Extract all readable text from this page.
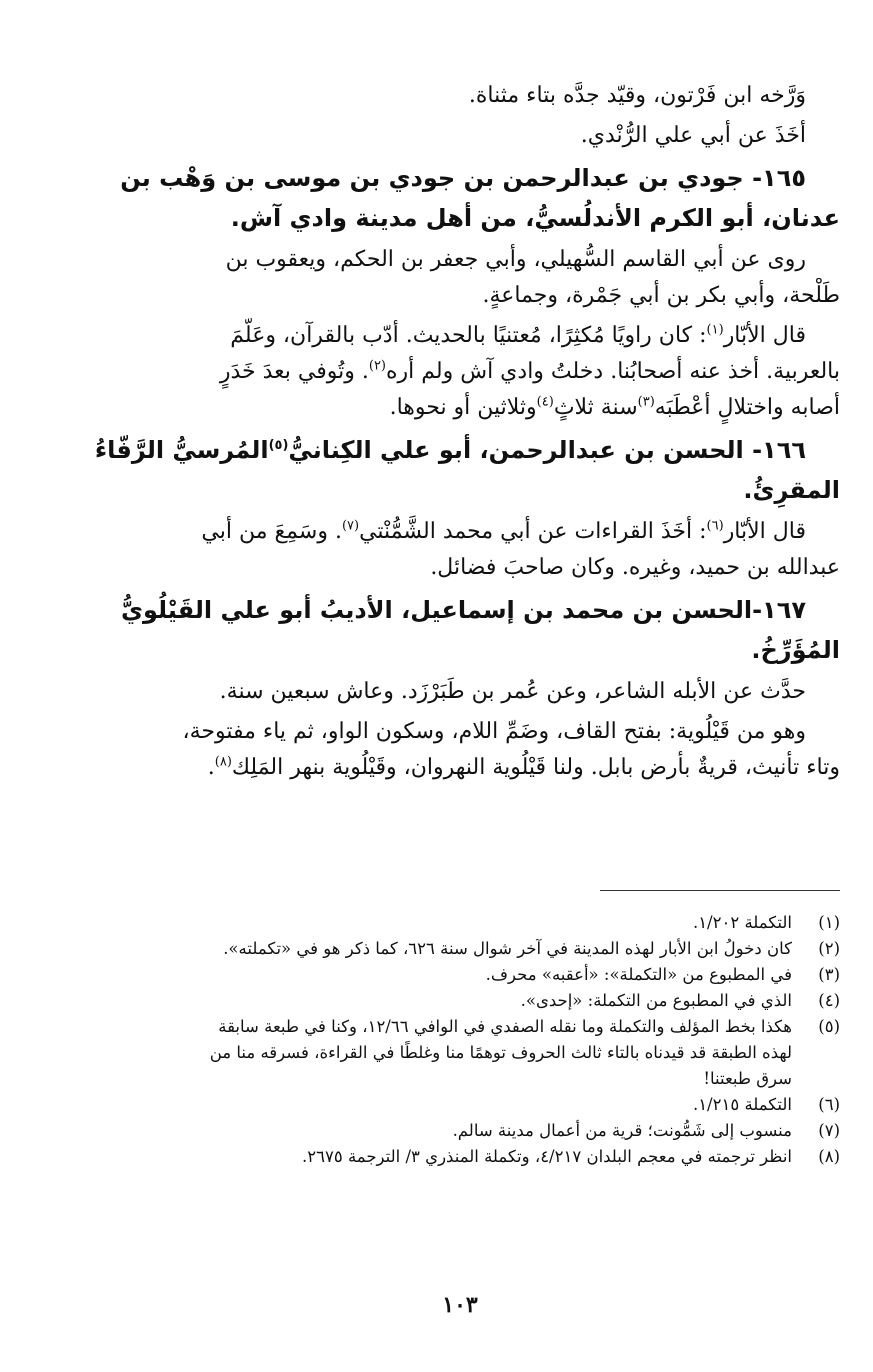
وَرَّخه ابن فَرْتون، وقيّد جدَّه بتاء مثناة.
أخَذَ عن أبي علي الرُّنْدي.
١٦٥- جودي بن عبدالرحمن بن جودي بن موسى بن وَهْب بن
عدنان، أبو الكرم الأندلُسيُّ، من أهل مدينة وادي آش.
روى عن أبي القاسم السُّهيلي، وأبي جعفر بن الحكم، ويعقوب بن
طَلْحة، وأبي بكر بن أبي جَمْرة، وجماعةٍ.
قال الأبّار$^{(١)}$: كان راويًا مُكثِرًا، مُعتنيًا بالحديث. أدّب بالقرآن، وعَلَّمَ
بالعربية. أخذ عنه أصحابُنا. دخلتُ وادي آش ولم أره$^{(٢)}$. وتُوفي بعدَ خَدَرٍ
أصابه واختلالٍ أعْطَبَه$^{(٣)}$سنة ثلاثٍ$^{(٤)}$وثلاثين أو نحوها.
١٦٦- الحسن بن عبدالرحمن، أبو علي الكِنانيُّ$^{(٥)}$المُرسيُّ الرَّفّاءُ
المقرِئُ.
قال الأبّار$^{(٦)}$: أخَذَ القراءات عن أبي محمد الشَّمُّنْتي$^{(٧)}$. وسَمِعَ من أبي
عبدالله بن حميد، وغيره. وكان صاحبَ فضائل.
١٦٧-الحسن بن محمد بن إسماعيل، الأديبُ أبو علي القَيْلُويُّ
المُؤَرِّخُ.
حدَّث عن الأبله الشاعر، وعن عُمر بن طَبَرْزَد. وعاش سبعين سنة.
وهو من قَيْلُوية: بفتح القاف، وضَمِّ اللام، وسكون الواو، ثم ياء مفتوحة،
وتاء تأنيث، قريةٌ بأرض بابل. ولنا قَيْلُوية النهروان، وقَيْلُوية بنهر المَلِك$^{(٨)}$.
(١)
التكملة ١/٢٠٢.
(٢)
كان دخولُ ابن الأبار لهذه المدينة في آخر شوال سنة ٦٢٦، كما ذكر هو في «تكملته».
(٣)
في المطبوع من «التكملة»: «أعقبه» محرف.
(٤)
الذي في المطبوع من التكملة: «إحدى».
(٥)
هكذا بخط المؤلف والتكملة وما نقله الصفدي في الوافي ١٢/٦٦، وكنا في طبعة سابقة
لهذه الطبقة قد قيدناه بالتاء ثالث الحروف توهمًا منا وغلطًا في القراءة، فسرقه منا من
سرق طبعتنا!
(٦)
التكملة ١/٢١٥.
(٧)
منسوب إلى شَمُّونت؛ قرية من أعمال مدينة سالم.
(٨)
انظر ترجمته في معجم البلدان ٤/٢١٧، وتكملة المنذري ٣/ الترجمة ٢٦٧٥.
١٠٣
